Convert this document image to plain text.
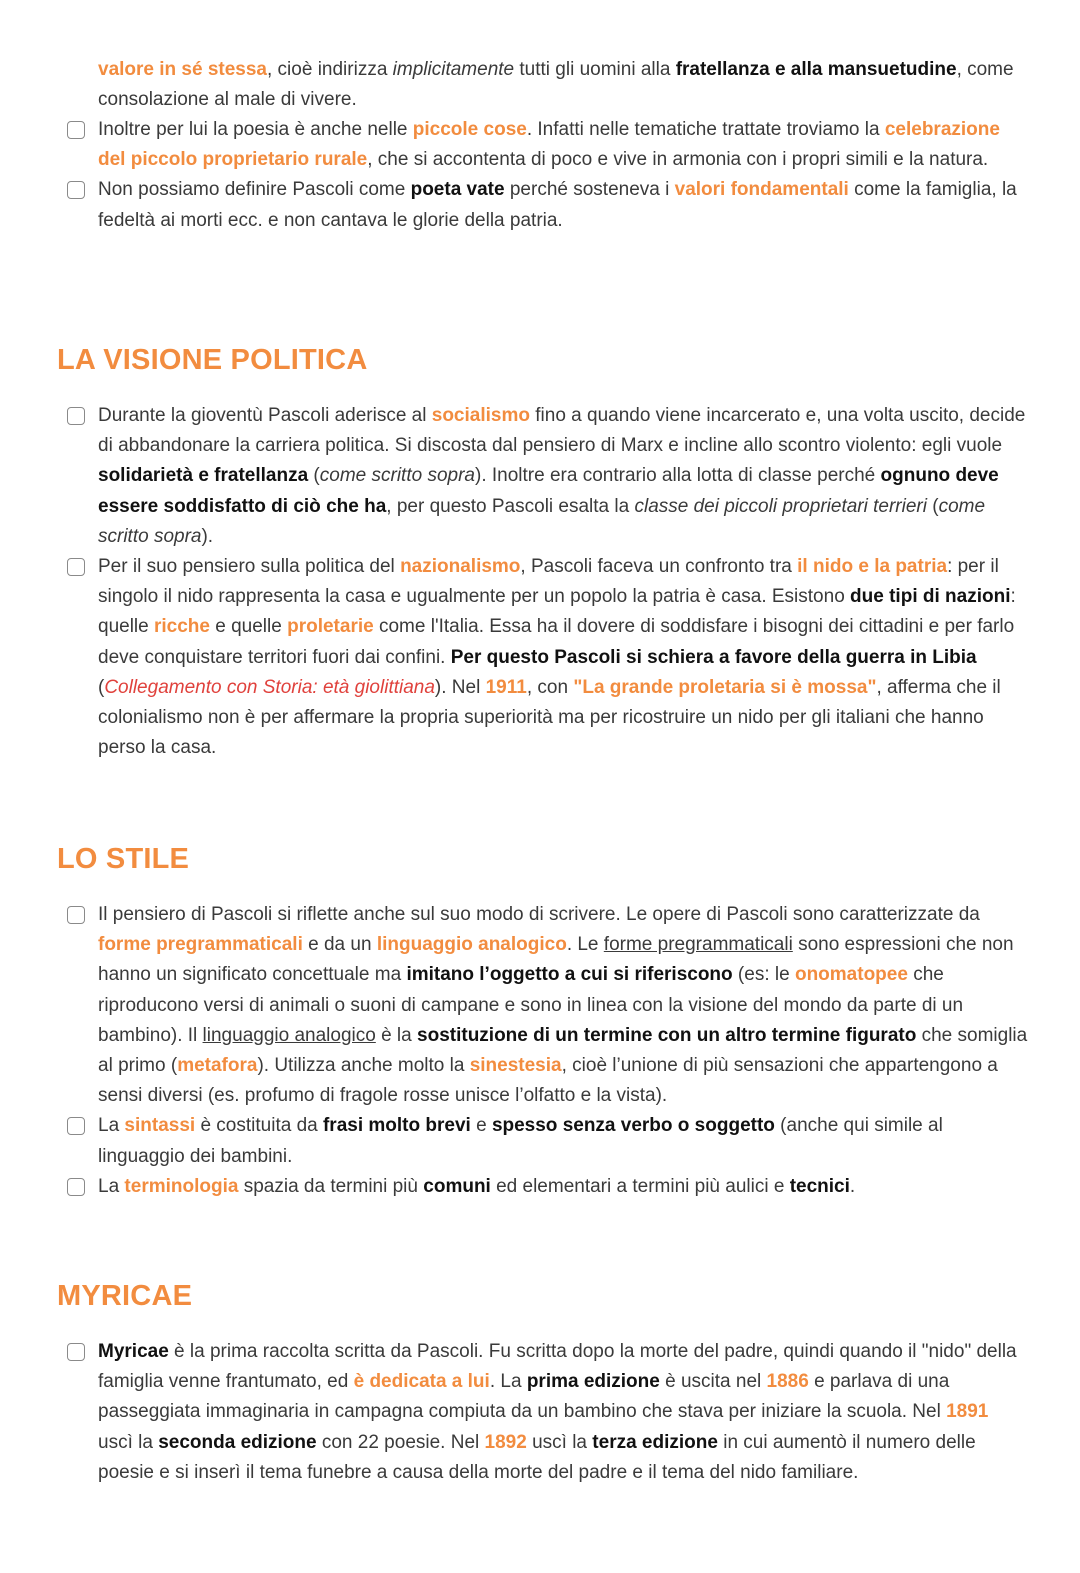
valore in sé stessa, cioè indirizza implicitamente tutti gli uomini alla fratellanza e alla mansuetudine, come consolazione al male di vivere.

Inoltre per lui la poesia è anche nelle piccole cose. Infatti nelle tematiche trattate troviamo la celebrazione del piccolo proprietario rurale, che si accontenta di poco e vive in armonia con i propri simili e la natura.

Non possiamo definire Pascoli come poeta vate perché sosteneva i valori fondamentali come la famiglia, la fedeltà ai morti ecc. e non cantava le glorie della patria.

LA VISIONE POLITICA

Durante la gioventù Pascoli aderisce al socialismo fino a quando viene incarcerato e, una volta uscito, decide di abbandonare la carriera politica. Si discosta dal pensiero di Marx e incline allo scontro violento: egli vuole solidarietà e fratellanza (come scritto sopra). Inoltre era contrario alla lotta di classe perché ognuno deve essere soddisfatto di ciò che ha, per questo Pascoli esalta la classe dei piccoli proprietari terrieri (come scritto sopra).

Per il suo pensiero sulla politica del nazionalismo, Pascoli faceva un confronto tra il nido e la patria: per il singolo il nido rappresenta la casa e ugualmente per un popolo la patria è casa. Esistono due tipi di nazioni: quelle ricche e quelle proletarie come l'Italia. Essa ha il dovere di soddisfare i bisogni dei cittadini e per farlo deve conquistare territori fuori dai confini. Per questo Pascoli si schiera a favore della guerra in Libia (Collegamento con Storia: età giolittiana). Nel 1911, con "La grande proletaria si è mossa", afferma che il colonialismo non è per affermare la propria superiorità ma per ricostruire un nido per gli italiani che hanno perso la casa.

LO STILE

Il pensiero di Pascoli si riflette anche sul suo modo di scrivere. Le opere di Pascoli sono caratterizzate da forme pregrammaticali e da un linguaggio analogico. Le forme pregrammaticali sono espressioni che non hanno un significato concettuale ma imitano l’oggetto a cui si riferiscono (es: le onomatopee che riproducono versi di animali o suoni di campane e sono in linea con la visione del mondo da parte di un bambino). Il linguaggio analogico è la sostituzione di un termine con un altro termine figurato che somiglia al primo (metafora). Utilizza anche molto la sinestesia, cioè l’unione di più sensazioni che appartengono a sensi diversi (es. profumo di fragole rosse unisce l’olfatto e la vista).

La sintassi è costituita da frasi molto brevi e spesso senza verbo o soggetto (anche qui simile al linguaggio dei bambini.

La terminologia spazia da termini più comuni ed elementari a termini più aulici e tecnici.

MYRICAE

Myricae è la prima raccolta scritta da Pascoli. Fu scritta dopo la morte del padre, quindi quando il "nido" della famiglia venne frantumato, ed è dedicata a lui. La prima edizione è uscita nel 1886 e parlava di una passeggiata immaginaria in campagna compiuta da un bambino che stava per iniziare la scuola. Nel 1891 uscì la seconda edizione con 22 poesie. Nel 1892 uscì la terza edizione in cui aumentò il numero delle poesie e si inserì il tema funebre a causa della morte del padre e il tema del nido familiare.
